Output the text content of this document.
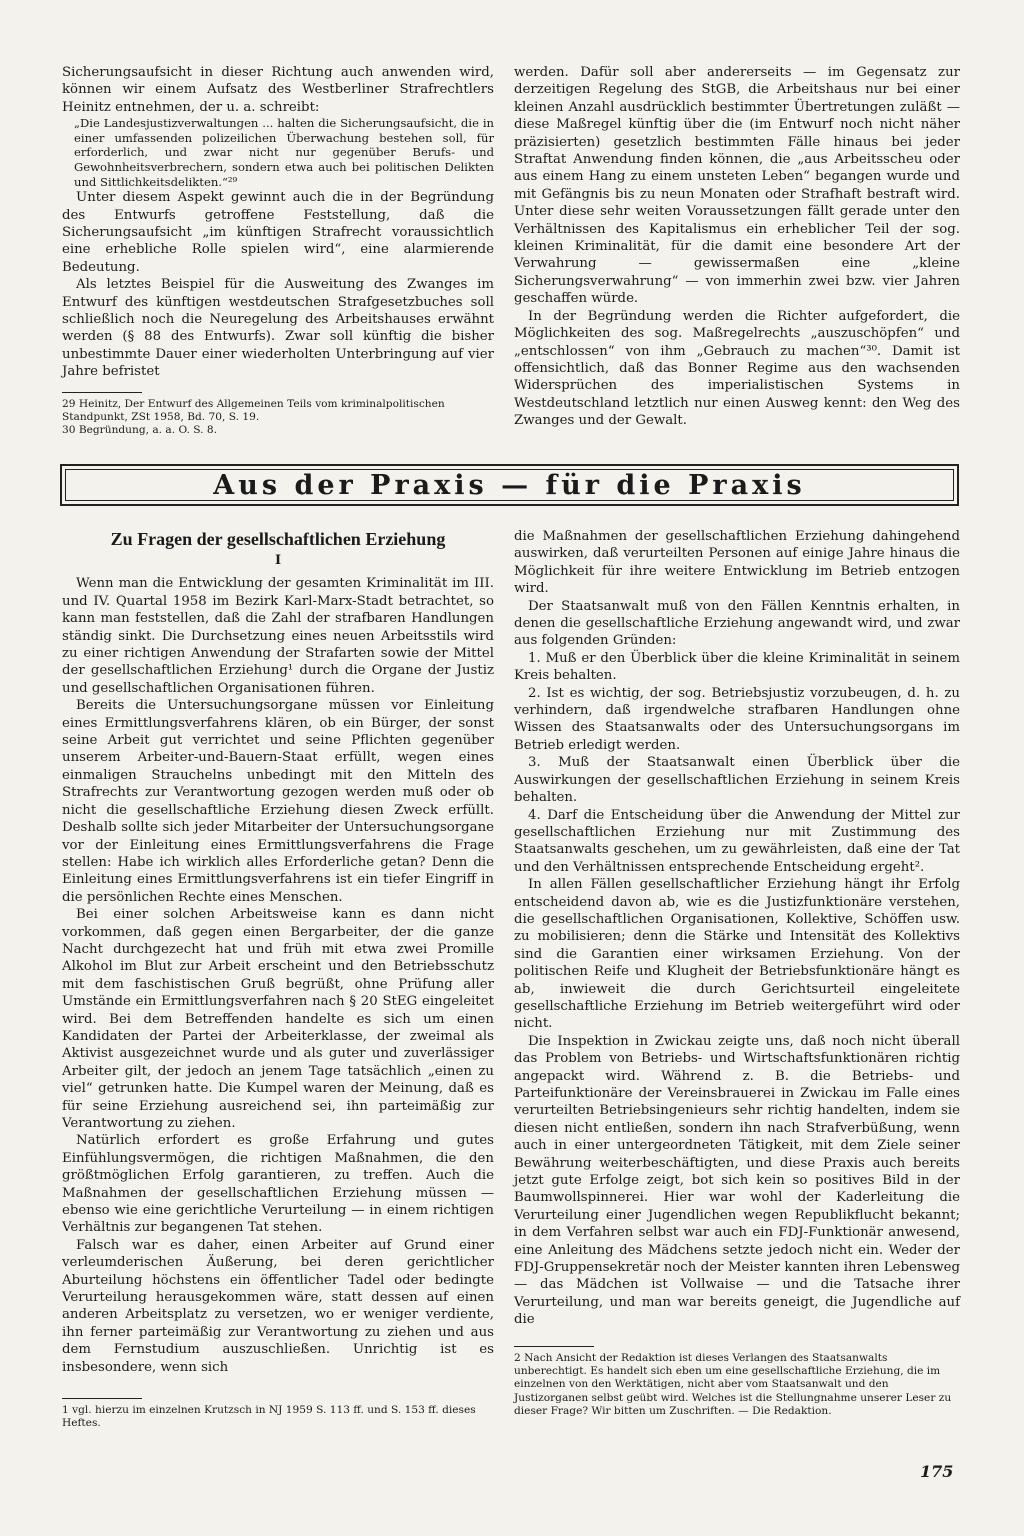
Sicherungsaufsicht in dieser Richtung auch anwenden wird, können wir einem Aufsatz des Westberliner Strafrechtlers Heinitz entnehmen, der u. a. schreibt:

„Die Landesjustizverwaltungen ... halten die Sicherungsaufsicht, die in einer umfassenden polizeilichen Überwachung bestehen soll, für erforderlich, und zwar nicht nur gegenüber Berufs- und Gewohnheitsverbrechern, sondern etwa auch bei politischen Delikten und Sittlichkeitsdelikten.“²⁹

Unter diesem Aspekt gewinnt auch die in der Begründung des Entwurfs getroffene Feststellung, daß die Sicherungsaufsicht „im künftigen Strafrecht voraussichtlich eine erhebliche Rolle spielen wird“, eine alarmierende Bedeutung.

Als letztes Beispiel für die Ausweitung des Zwanges im Entwurf des künftigen westdeutschen Strafgesetzbuches soll schließlich noch die Neuregelung des Arbeitshauses erwähnt werden (§ 88 des Entwurfs). Zwar soll künftig die bisher unbestimmte Dauer einer wiederholten Unterbringung auf vier Jahre befristet

29 Heinitz, Der Entwurf des Allgemeinen Teils vom kriminalpolitischen Standpunkt, ZSt 1958, Bd. 70, S. 19.
30 Begründung, a. a. O. S. 8.

werden. Dafür soll aber andererseits — im Gegensatz zur derzeitigen Regelung des StGB, die Arbeitshaus nur bei einer kleinen Anzahl ausdrücklich bestimmter Übertretungen zuläßt — diese Maßregel künftig über die (im Entwurf noch nicht näher präzisierten) gesetzlich bestimmten Fälle hinaus bei jeder Straftat Anwendung finden können, die „aus Arbeitsscheu oder aus einem Hang zu einem unsteten Leben“ begangen wurde und mit Gefängnis bis zu neun Monaten oder Strafhaft bestraft wird. Unter diese sehr weiten Voraussetzungen fällt gerade unter den Verhältnissen des Kapitalismus ein erheblicher Teil der sog. kleinen Kriminalität, für die damit eine besondere Art der Verwahrung — gewissermaßen eine „kleine Sicherungsverwahrung“ — von immerhin zwei bzw. vier Jahren geschaffen würde.

In der Begründung werden die Richter aufgefordert, die Möglichkeiten des sog. Maßregelrechts „auszuschöpfen“ und „entschlossen“ von ihm „Gebrauch zu machen“³⁰. Damit ist offensichtlich, daß das Bonner Regime aus den wachsenden Widersprüchen des imperialistischen Systems in Westdeutschland letztlich nur einen Ausweg kennt: den Weg des Zwanges und der Gewalt.

Aus der Praxis — für die Praxis
Zu Fragen der gesellschaftlichen Erziehung
I

Wenn man die Entwicklung der gesamten Kriminalität im III. und IV. Quartal 1958 im Bezirk Karl-Marx-Stadt betrachtet, so kann man feststellen, daß die Zahl der strafbaren Handlungen ständig sinkt. Die Durchsetzung eines neuen Arbeitsstils wird zu einer richtigen Anwendung der Strafarten sowie der Mittel der gesellschaftlichen Erziehung¹ durch die Organe der Justiz und gesellschaftlichen Organisationen führen.

Bereits die Untersuchungsorgane müssen vor Einleitung eines Ermittlungsverfahrens klären, ob ein Bürger, der sonst seine Arbeit gut verrichtet und seine Pflichten gegenüber unserem Arbeiter-und-Bauern-Staat erfüllt, wegen eines einmaligen Strauchelns unbedingt mit den Mitteln des Strafrechts zur Verantwortung gezogen werden muß oder ob nicht die gesellschaftliche Erziehung diesen Zweck erfüllt. Deshalb sollte sich jeder Mitarbeiter der Untersuchungsorgane vor der Einleitung eines Ermittlungsverfahrens die Frage stellen: Habe ich wirklich alles Erforderliche getan? Denn die Einleitung eines Ermittlungsverfahrens ist ein tiefer Eingriff in die persönlichen Rechte eines Menschen.

Bei einer solchen Arbeitsweise kann es dann nicht vorkommen, daß gegen einen Bergarbeiter, der die ganze Nacht durchgezecht hat und früh mit etwa zwei Promille Alkohol im Blut zur Arbeit erscheint und den Betriebsschutz mit dem faschistischen Gruß begrüßt, ohne Prüfung aller Umstände ein Ermittlungsverfahren nach § 20 StEG eingeleitet wird. Bei dem Betreffenden handelte es sich um einen Kandidaten der Partei der Arbeiterklasse, der zweimal als Aktivist ausgezeichnet wurde und als guter und zuverlässiger Arbeiter gilt, der jedoch an jenem Tage tatsächlich „einen zu viel“ getrunken hatte. Die Kumpel waren der Meinung, daß es für seine Erziehung ausreichend sei, ihn parteimäßig zur Verantwortung zu ziehen.

Natürlich erfordert es große Erfahrung und gutes Einfühlungsvermögen, die richtigen Maßnahmen, die den größtmöglichen Erfolg garantieren, zu treffen. Auch die Maßnahmen der gesellschaftlichen Erziehung müssen — ebenso wie eine gerichtliche Verurteilung — in einem richtigen Verhältnis zur begangenen Tat stehen.

Falsch war es daher, einen Arbeiter auf Grund einer verleumderischen Äußerung, bei deren gerichtlicher Aburteilung höchstens ein öffentlicher Tadel oder bedingte Verurteilung herausgekommen wäre, statt dessen auf einen anderen Arbeitsplatz zu versetzen, wo er weniger verdiente, ihn ferner parteimäßig zur Verantwortung zu ziehen und aus dem Fernstudium auszuschließen. Unrichtig ist es insbesondere, wenn sich

1 vgl. hierzu im einzelnen Krutzsch in NJ 1959 S. 113 ff. und S. 153 ff. dieses Heftes.

die Maßnahmen der gesellschaftlichen Erziehung dahingehend auswirken, daß verurteilten Personen auf einige Jahre hinaus die Möglichkeit für ihre weitere Entwicklung im Betrieb entzogen wird.

Der Staatsanwalt muß von den Fällen Kenntnis erhalten, in denen die gesellschaftliche Erziehung angewandt wird, und zwar aus folgenden Gründen:

1. Muß er den Überblick über die kleine Kriminalität in seinem Kreis behalten.

2. Ist es wichtig, der sog. Betriebsjustiz vorzubeugen, d. h. zu verhindern, daß irgendwelche strafbaren Handlungen ohne Wissen des Staatsanwalts oder des Untersuchungsorgans im Betrieb erledigt werden.

3. Muß der Staatsanwalt einen Überblick über die Auswirkungen der gesellschaftlichen Erziehung in seinem Kreis behalten.

4. Darf die Entscheidung über die Anwendung der Mittel zur gesellschaftlichen Erziehung nur mit Zustimmung des Staatsanwalts geschehen, um zu gewährleisten, daß eine der Tat und den Verhältnissen entsprechende Entscheidung ergeht².

In allen Fällen gesellschaftlicher Erziehung hängt ihr Erfolg entscheidend davon ab, wie es die Justizfunktionäre verstehen, die gesellschaftlichen Organisationen, Kollektive, Schöffen usw. zu mobilisieren; denn die Stärke und Intensität des Kollektivs sind die Garantien einer wirksamen Erziehung. Von der politischen Reife und Klugheit der Betriebsfunktionäre hängt es ab, inwieweit die durch Gerichtsurteil eingeleitete gesellschaftliche Erziehung im Betrieb weitergeführt wird oder nicht.

Die Inspektion in Zwickau zeigte uns, daß noch nicht überall das Problem von Betriebs- und Wirtschaftsfunktionären richtig angepackt wird. Während z. B. die Betriebs- und Parteifunktionäre der Vereinsbrauerei in Zwickau im Falle eines verurteilten Betriebsingenieurs sehr richtig handelten, indem sie diesen nicht entließen, sondern ihn nach Strafverbüßung, wenn auch in einer untergeordneten Tätigkeit, mit dem Ziele seiner Bewährung weiterbeschäftigten, und diese Praxis auch bereits jetzt gute Erfolge zeigt, bot sich kein so positives Bild in der Baumwollspinnerei. Hier war wohl der Kaderleitung die Verurteilung einer Jugendlichen wegen Republikflucht bekannt; in dem Verfahren selbst war auch ein FDJ-Funktionär anwesend, eine Anleitung des Mädchens setzte jedoch nicht ein. Weder der FDJ-Gruppensekretär noch der Meister kannten ihren Lebensweg — das Mädchen ist Vollwaise — und die Tatsache ihrer Verurteilung, und man war bereits geneigt, die Jugendliche auf die

2 Nach Ansicht der Redaktion ist dieses Verlangen des Staatsanwalts unberechtigt. Es handelt sich eben um eine gesellschaftliche Erziehung, die im einzelnen von den Werktätigen, nicht aber vom Staatsanwalt und den Justizorganen selbst geübt wird. Welches ist die Stellungnahme unserer Leser zu dieser Frage? Wir bitten um Zuschriften. — Die Redaktion.
175
